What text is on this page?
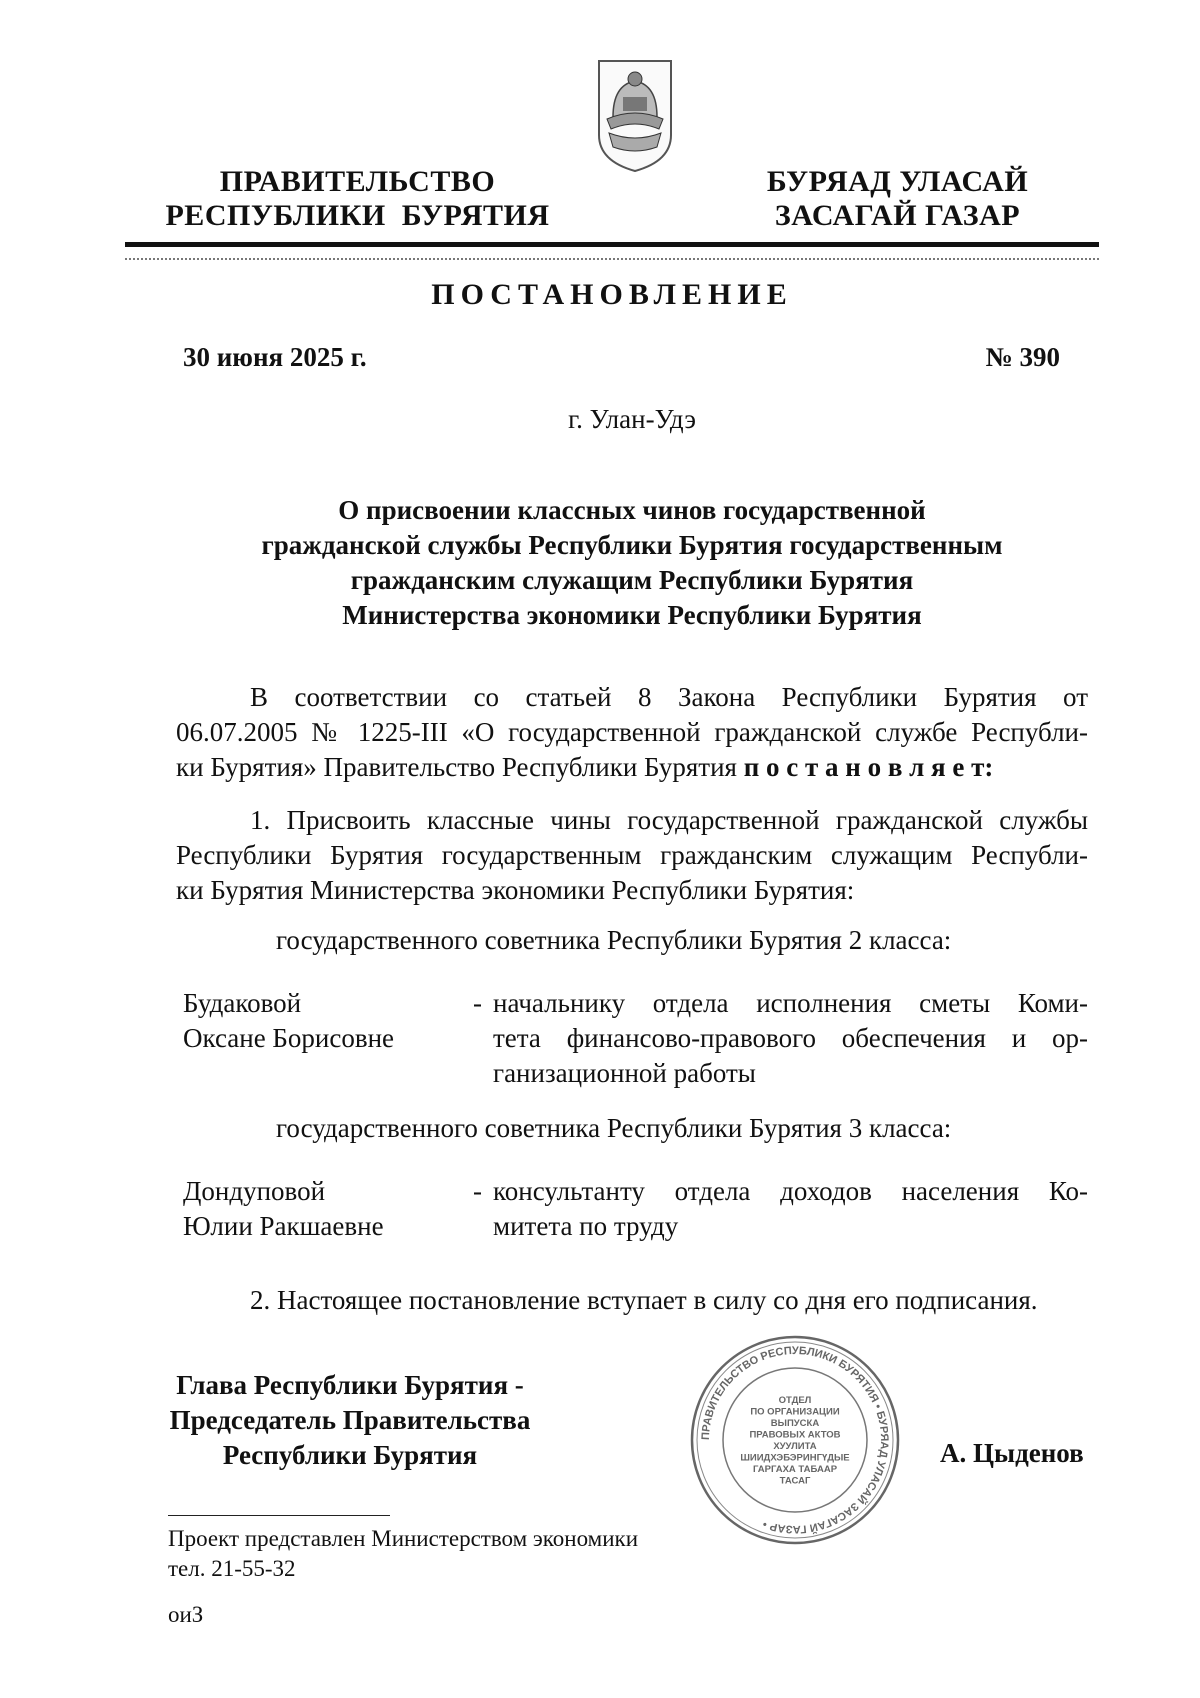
ПРАВИТЕЛЬСТВО
РЕСПУБЛИКИ  БУРЯТИЯ
БУРЯАД УЛАСАЙ
ЗАСАГАЙ ГАЗАР
ПОСТАНОВЛЕНИЕ
30 июня 2025 г.	№ 390
г. Улан-Удэ
О присвоении классных чинов государственной
гражданской службы Республики Бурятия государственным
гражданским служащим Республики Бурятия
Министерства экономики Республики Бурятия
В соответствии со статьей 8 Закона Республики Бурятия от
06.07.2005 № 1225-III «О государственной гражданской службе Республи-
ки Бурятия» Правительство Республики Бурятия п о с т а н о в л я е т:
1. Присвоить классные чины государственной гражданской службы
Республики Бурятия государственным гражданским служащим Республи-
ки Бурятия Министерства экономики Республики Бурятия:
государственного советника Республики Бурятия 2 класса:
Будаковой
Оксане Борисовне
- начальнику отдела исполнения сметы Коми-
тета финансово-правового обеспечения и ор-
ганизационной работы
государственного советника Республики Бурятия 3 класса:
Дондуповой
Юлии Ракшаевне
- консультанту отдела доходов населения Ко-
митета по труду
2. Настоящее постановление вступает в силу со дня его подписания.
Глава Республики Бурятия -
Председатель Правительства
Республики Бурятия	А. Цыденов
ПРАВИТЕЛЬСТВО РЕСПУБЛИКИ БУРЯТИЯ • БУРЯАД УЛАСАЙ ЗАСАГАЙ ГАЗАР •
ОТДЕЛ
ПО ОРГАНИЗАЦИИ
ВЫПУСКА
ПРАВОВЫХ АКТОВ
ХУУЛИТА
ШИИДХЭБЭРИНГҮДЫЕ
ГАРГАХА ТАБААР
ТАСАГ
Проект представлен Министерством экономики
тел. 21-55-32
оиЗ
